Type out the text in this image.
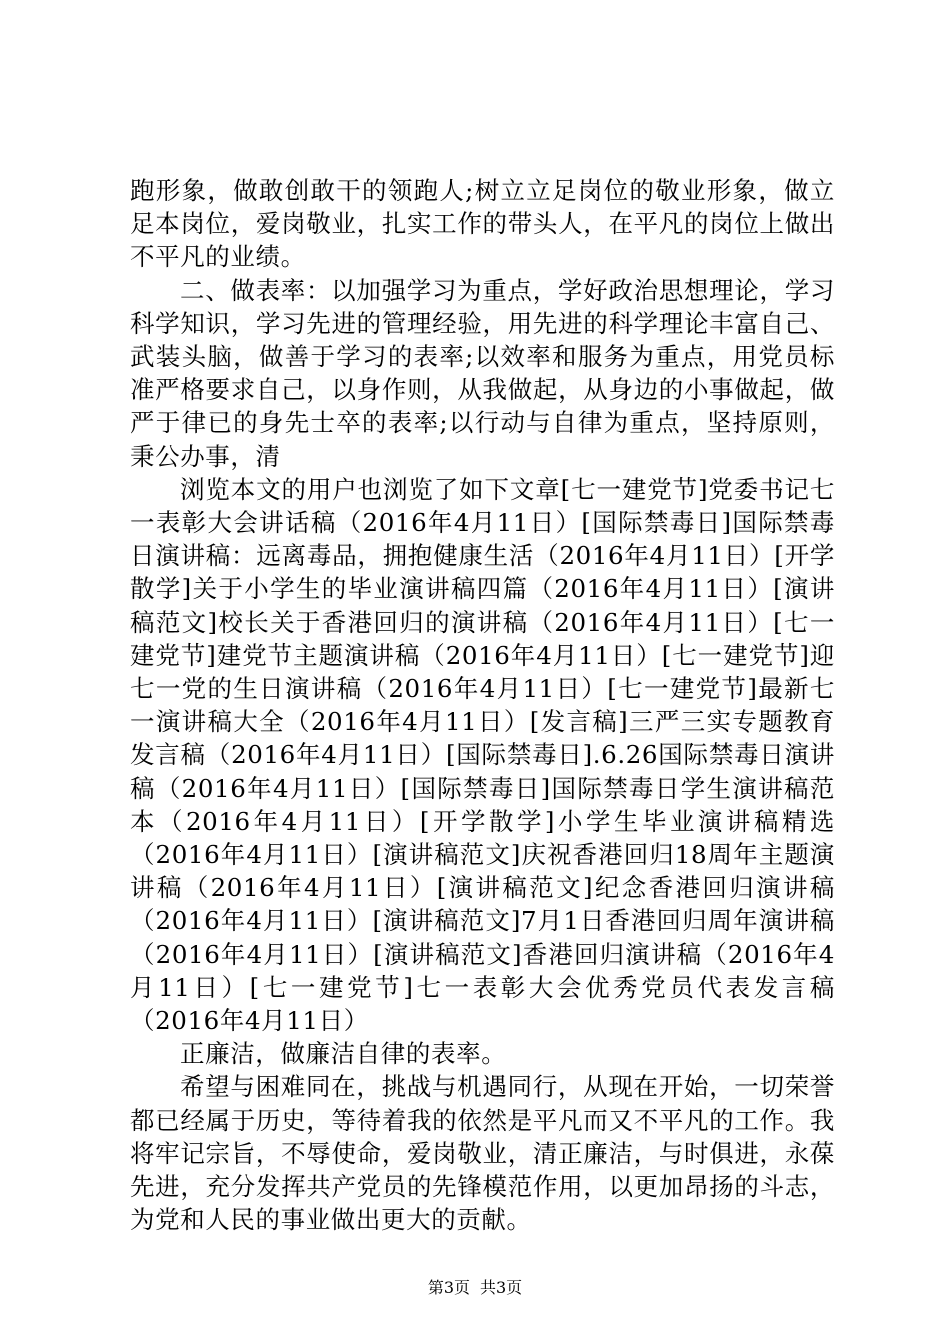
跑形象，做敢创敢干的领跑人;树立立足岗位的敬业形象，做立足本岗位，爱岗敬业，扎实工作的带头人，在平凡的岗位上做出不平凡的业绩。

二、做表率：以加强学习为重点，学好政治思想理论，学习科学知识，学习先进的管理经验，用先进的科学理论丰富自己、武装头脑，做善于学习的表率;以效率和服务为重点，用党员标准严格要求自己，以身作则，从我做起，从身边的小事做起，做严于律已的身先士卒的表率;以行动与自律为重点，坚持原则，秉公办事，清

浏览本文的用户也浏览了如下文章[七一建党节]党委书记七一表彰大会讲话稿（2016年4月11日）[国际禁毒日]国际禁毒日演讲稿：远离毒品，拥抱健康生活（2016年4月11日）[开学散学]关于小学生的毕业演讲稿四篇（2016年4月11日）[演讲稿范文]校长关于香港回归的演讲稿（2016年4月11日）[七一建党节]建党节主题演讲稿（2016年4月11日）[七一建党节]迎七一党的生日演讲稿（2016年4月11日）[七一建党节]最新七一演讲稿大全（2016年4月11日）[发言稿]三严三实专题教育发言稿（2016年4月11日）[国际禁毒日].6.26国际禁毒日演讲稿（2016年4月11日）[国际禁毒日]国际禁毒日学生演讲稿范本（2016年4月11日）[开学散学]小学生毕业演讲稿精选（2016年4月11日）[演讲稿范文]庆祝香港回归18周年主题演讲稿（2016年4月11日）[演讲稿范文]纪念香港回归演讲稿（2016年4月11日）[演讲稿范文]7月1日香港回归周年演讲稿（2016年4月11日）[演讲稿范文]香港回归演讲稿（2016年4月11日）[七一建党节]七一表彰大会优秀党员代表发言稿（2016年4月11日）

正廉洁，做廉洁自律的表率。

希望与困难同在，挑战与机遇同行，从现在开始，一切荣誉都已经属于历史，等待着我的依然是平凡而又不平凡的工作。我将牢记宗旨，不辱使命，爱岗敬业，清正廉洁，与时俱进，永葆先进，充分发挥共产党员的先锋模范作用，以更加昂扬的斗志，为党和人民的事业做出更大的贡献。

第3页 共3页
